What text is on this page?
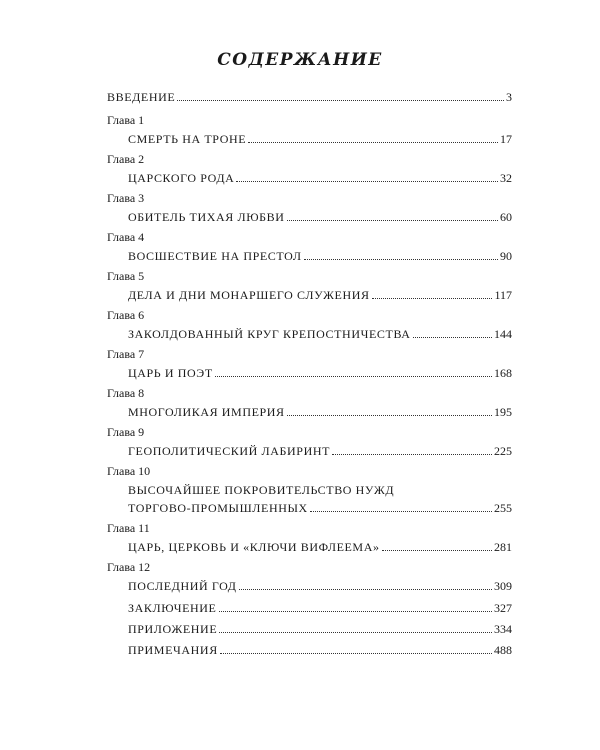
СОДЕРЖАНИЕ
ВВЕДЕНИЕ	3
Глава 1
СМЕРТЬ НА ТРОНЕ	17
Глава 2
ЦАРСКОГО РОДА	32
Глава 3
ОБИТЕЛЬ ТИХАЯ ЛЮБВИ	60
Глава 4
ВОСШЕСТВИЕ НА ПРЕСТОЛ	90
Глава 5
ДЕЛА И ДНИ МОНАРШЕГО СЛУЖЕНИЯ	117
Глава 6
ЗАКОЛДОВАННЫЙ КРУГ КРЕПОСТНИЧЕСТВА	144
Глава 7
ЦАРЬ И ПОЭТ	168
Глава 8
МНОГОЛИКАЯ ИМПЕРИЯ	195
Глава 9
ГЕОПОЛИТИЧЕСКИЙ ЛАБИРИНТ	225
Глава 10
ВЫСОЧАЙШЕЕ ПОКРОВИТЕЛЬСТВО НУЖД
ТОРГОВО-ПРОМЫШЛЕННЫХ	255
Глава 11
ЦАРЬ, ЦЕРКОВЬ И «КЛЮЧИ ВИФЛЕЕМА»	281
Глава 12
ПОСЛЕДНИЙ ГОД	309
ЗАКЛЮЧЕНИЕ	327
ПРИЛОЖЕНИЕ	334
ПРИМЕЧАНИЯ	488
